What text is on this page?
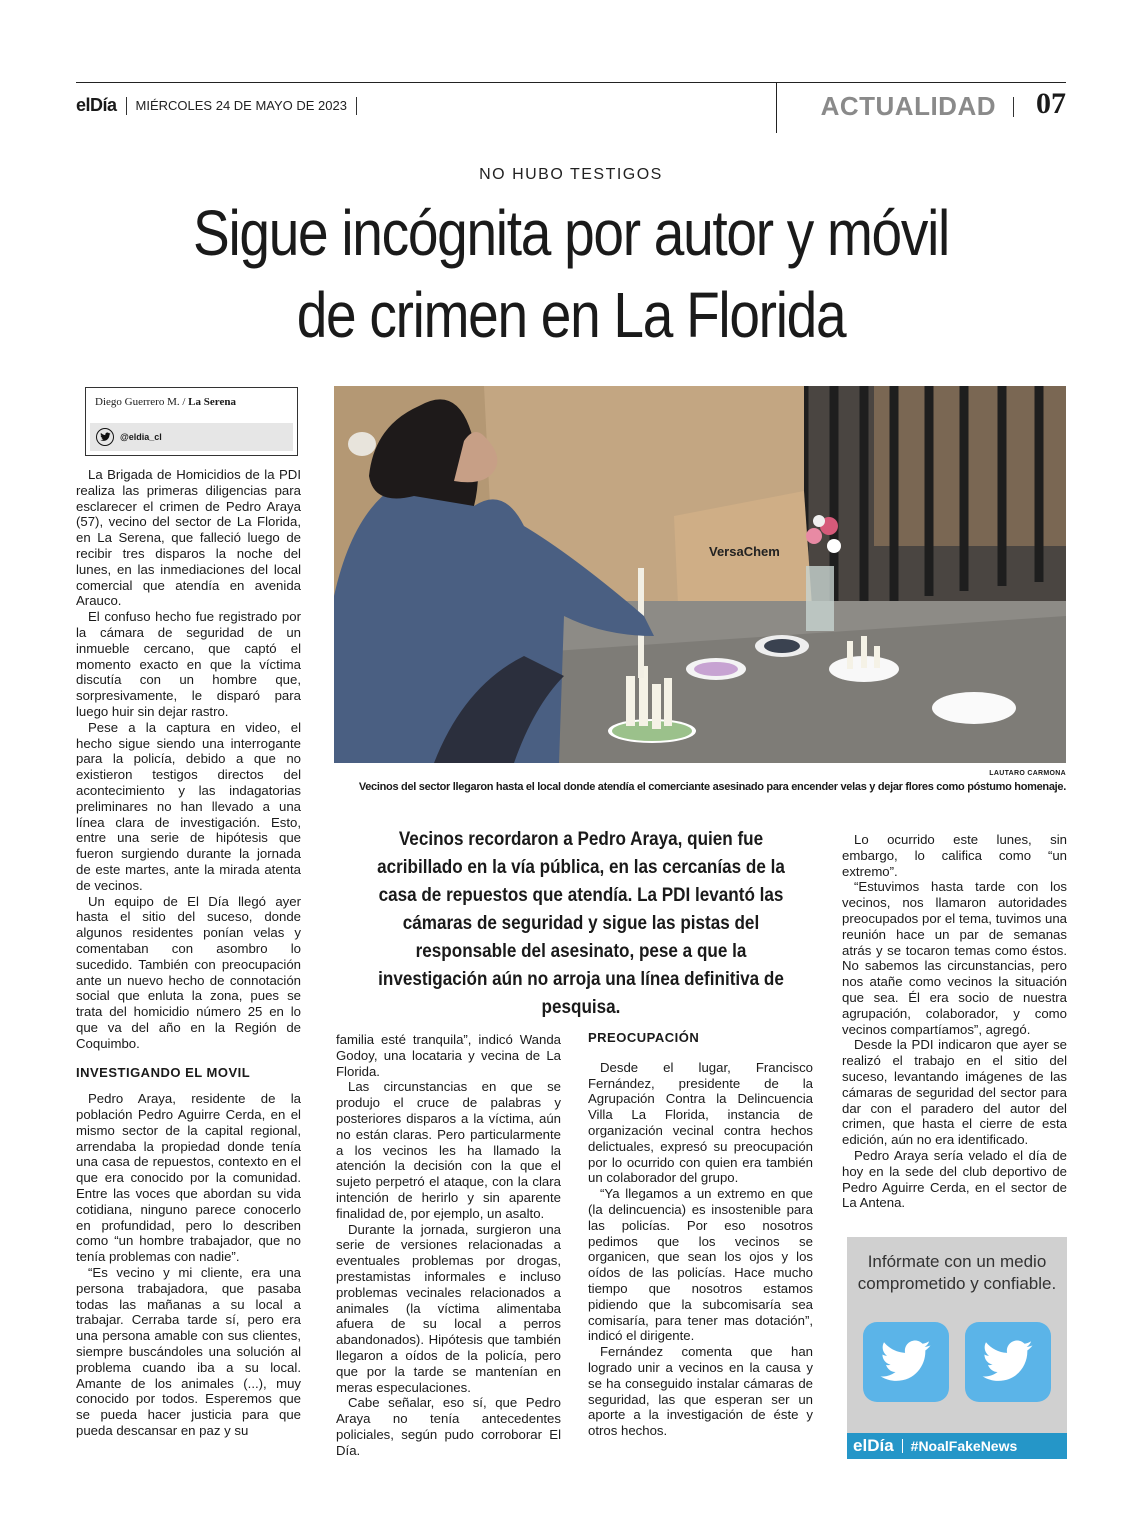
elDía MIÉRCOLES 24 DE MAYO DE 2023	ACTUALIDAD 07
NO HUBO TESTIGOS
Sigue incógnita por autor y móvil
de crimen en La Florida
Diego Guerrero M. / La Serena
@eldia_cl

La Brigada de Homicidios de la PDI realiza las primeras diligencias para esclarecer el crimen de Pedro Araya (57), vecino del sector de La Florida, en La Serena, que falleció luego de recibir tres disparos la noche del lunes, en las inmediaciones del local comercial que atendía en avenida Arauco.

El confuso hecho fue registrado por la cámara de seguridad de un inmueble cercano, que captó el momento exacto en que la víctima discutía con un hombre que, sorpresivamente, le disparó para luego huir sin dejar rastro.

Pese a la captura en video, el hecho sigue siendo una interrogante para la policía, debido a que no existieron testigos directos del acontecimiento y las indagatorias preliminares no han llevado a una línea clara de investigación. Esto, entre una serie de hipótesis que fueron surgiendo durante la jornada de este martes, ante la mirada atenta de vecinos.

Un equipo de El Día llegó ayer hasta el sitio del suceso, donde algunos residentes ponían velas y comentaban con asombro lo sucedido. También con preocupación ante un nuevo hecho de connotación social que enluta la zona, pues se trata del homicidio número 25 en lo que va del año en la Región de Coquimbo.

INVESTIGANDO EL MOVIL

Pedro Araya, residente de la población Pedro Aguirre Cerda, en el mismo sector de la capital regional, arrendaba la propiedad donde tenía una casa de repuestos, contexto en el que era conocido por la comunidad. Entre las voces que abordan su vida cotidiana, ninguno parece conocerlo en profundidad, pero lo describen como “un hombre trabajador, que no tenía problemas con nadie”.

“Es vecino y mi cliente, era una persona trabajadora, que pasaba todas las mañanas a su local a trabajar. Cerraba tarde sí, pero era una persona amable con sus clientes, siempre buscándoles una solución al problema cuando iba a su local. Amante de los animales (...), muy conocido por todos. Esperemos que se pueda hacer justicia para que pueda descansar en paz y su

VersaChem
LAUTARO CARMONA
Vecinos del sector llegaron hasta el local donde atendía el comerciante asesinado para encender velas y dejar flores como póstumo homenaje.
Vecinos recordaron a Pedro Araya, quien fue acribillado en la vía pública, en las cercanías de la casa de repuestos que atendía. La PDI levantó las cámaras de seguridad y sigue las pistas del responsable del asesinato, pese a que la investigación aún no arroja una línea definitiva de pesquisa.

familia esté tranquila”, indicó Wanda Godoy, una locataria y vecina de La Florida.

Las circunstancias en que se produjo el cruce de palabras y posteriores disparos a la víctima, aún no están claras. Pero particularmente a los vecinos les ha llamado la atención la decisión con la que el sujeto perpetró el ataque, con la clara intención de herirlo y sin aparente finalidad de, por ejemplo, un asalto.

Durante la jornada, surgieron una serie de versiones relacionadas a eventuales problemas por drogas, prestamistas informales e incluso problemas vecinales relacionados a animales (la víctima alimentaba afuera de su local a perros abandonados). Hipótesis que también llegaron a oídos de la policía, pero que por la tarde se mantenían en meras especulaciones.

Cabe señalar, eso sí, que Pedro Araya no tenía antecedentes policiales, según pudo corroborar El Día.

PREOCUPACIÓN

Desde el lugar, Francisco Fernández, presidente de la Agrupación Contra la Delincuencia Villa La Florida, instancia de organización vecinal contra hechos delictuales, expresó su preocupación por lo ocurrido con quien era también un colaborador del grupo.

“Ya llegamos a un extremo en que (la delincuencia) es insostenible para las policías. Por eso nosotros pedimos que los vecinos se organicen, que sean los ojos y los oídos de las policías. Hace mucho tiempo que nosotros estamos pidiendo que la subcomisaría sea comisaría, para tener mas dotación”, indicó el dirigente.

Fernández comenta que han logrado unir a vecinos en la causa y se ha conseguido instalar cámaras de seguridad, las que esperan ser un aporte a la investigación de éste y otros hechos.

Lo ocurrido este lunes, sin embargo, lo califica como “un extremo”.

“Estuvimos hasta tarde con los vecinos, nos llamaron autoridades preocupados por el tema, tuvimos una reunión hace un par de semanas atrás y se tocaron temas como éstos. No sabemos las circunstancias, pero nos atañe como vecinos la situación que sea. Él era socio de nuestra agrupación, colaborador, y como vecinos compartíamos”, agregó.

Desde la PDI indicaron que ayer se realizó el trabajo en el sitio del suceso, levantando imágenes de las cámaras de seguridad del sector para dar con el paradero del autor del crimen, que hasta el cierre de esta edición, aún no era identificado.

Pedro Araya sería velado el día de hoy en la sede del club deportivo de Pedro Aguirre Cerda, en el sector de La Antena.

Infórmate con un medio
comprometido y confiable.
elDía #NoalFakeNews
